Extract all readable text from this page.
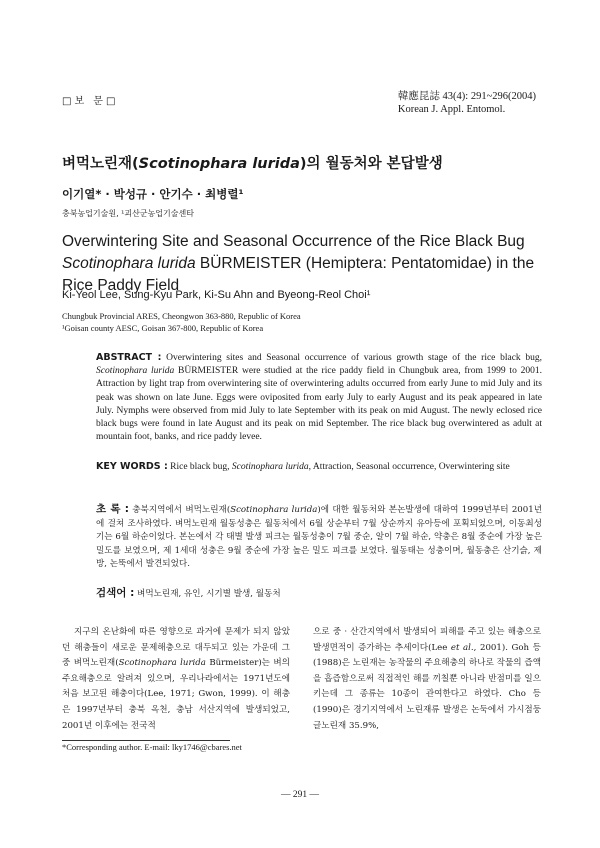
□보 문□	韓應昆誌 43(4): 291~296(2004)
Korean J. Appl. Entomol.
벼먹노린재(Scotinophara lurida)의 월동처와 본답발생
이기열* · 박성규 · 안기수 · 최병렬¹
충북농업기술원, ¹괴산군농업기술센타
Overwintering Site and Seasonal Occurrence of the Rice Black Bug Scotinophara lurida BÜRMEISTER (Hemiptera: Pentatomidae) in the Rice Paddy Field
Ki-Yeol Lee, Sung-Kyu Park, Ki-Su Ahn and Byeong-Reol Choi¹
Chungbuk Provincial ARES, Cheongwon 363-880, Republic of Korea
¹Goisan county AESC, Goisan 367-800, Republic of Korea
ABSTRACT : Overwintering sites and Seasonal occurrence of various growth stage of the rice black bug, Scotinophara lurida BÜRMEISTER were studied at the rice paddy field in Chungbuk area, from 1999 to 2001. Attraction by light trap from overwintering site of overwintering adults occurred from early June to mid July and its peak was shown on late June. Eggs were oviposited from early July to early August and its peak appeared in late July. Nymphs were observed from mid July to late September with its peak on mid August. The newly eclosed rice black bugs were found in late August and its peak on mid September. The rice black bug overwintered as adult at mountain foot, banks, and rice paddy levee.
KEY WORDS : Rice black bug, Scotinophara lurida, Attraction, Seasonal occurrence, Overwintering site
초 록 : 충북지역에서 벼먹노린재(Scotinophara lurida)에 대한 월동처와 본논발생에 대하여 1999년부터 2001년에 걸쳐 조사하였다. 벼먹노린재 월동성충은 월동처에서 6월 상순부터 7월 상순까지 유아등에 포획되었으며, 이동최성기는 6월 하순이었다. 본논에서 각 태별 발생 피크는 월동성충이 7월 중순, 알이 7월 하순, 약충은 8월 중순에 가장 높은 밀도를 보였으며, 제 1세대 성충은 9월 중순에 가장 높은 밀도 피크를 보였다. 월동태는 성충이며, 월동충은 산기슭, 제방, 논뚝에서 발견되었다.
검색어 : 벼먹노린재, 유인, 시기별 발생, 월동처

지구의 온난화에 따른 영향으로 과거에 문제가 되지 않았던 해충들이 새로운 문제해충으로 대두되고 있는 가운데 그 중 벼먹노린재(Scotinophara lurida Bürmeister)는 벼의 주요해충으로 알려져 있으며, 우리나라에서는 1971년도에 처음 보고된 해충이다(Lee, 1971; Gwon, 1999). 이 해충은 1997년부터 충북 옥천, 충남 서산지역에 발생되었고, 2001년 이후에는 전국적

으로 중 · 산간지역에서 발생되어 피해를 주고 있는 해충으로 발생면적이 증가하는 추세이다(Lee et al., 2001). Goh 등(1988)은 노린재는 농작물의 주요해충의 하나로 작물의 즙액을 흡즙함으로써 직접적인 해를 끼칠뿐 아니라 반점미를 일으키는데 그 종류는 10종이 관여한다고 하였다. Cho 등(1990)은 경기지역에서 노린재류 발생은 논둑에서 가시점둥글노린재 35.9%,

*Corresponding author. E-mail: lky1746@cbares.net
— 291 —
